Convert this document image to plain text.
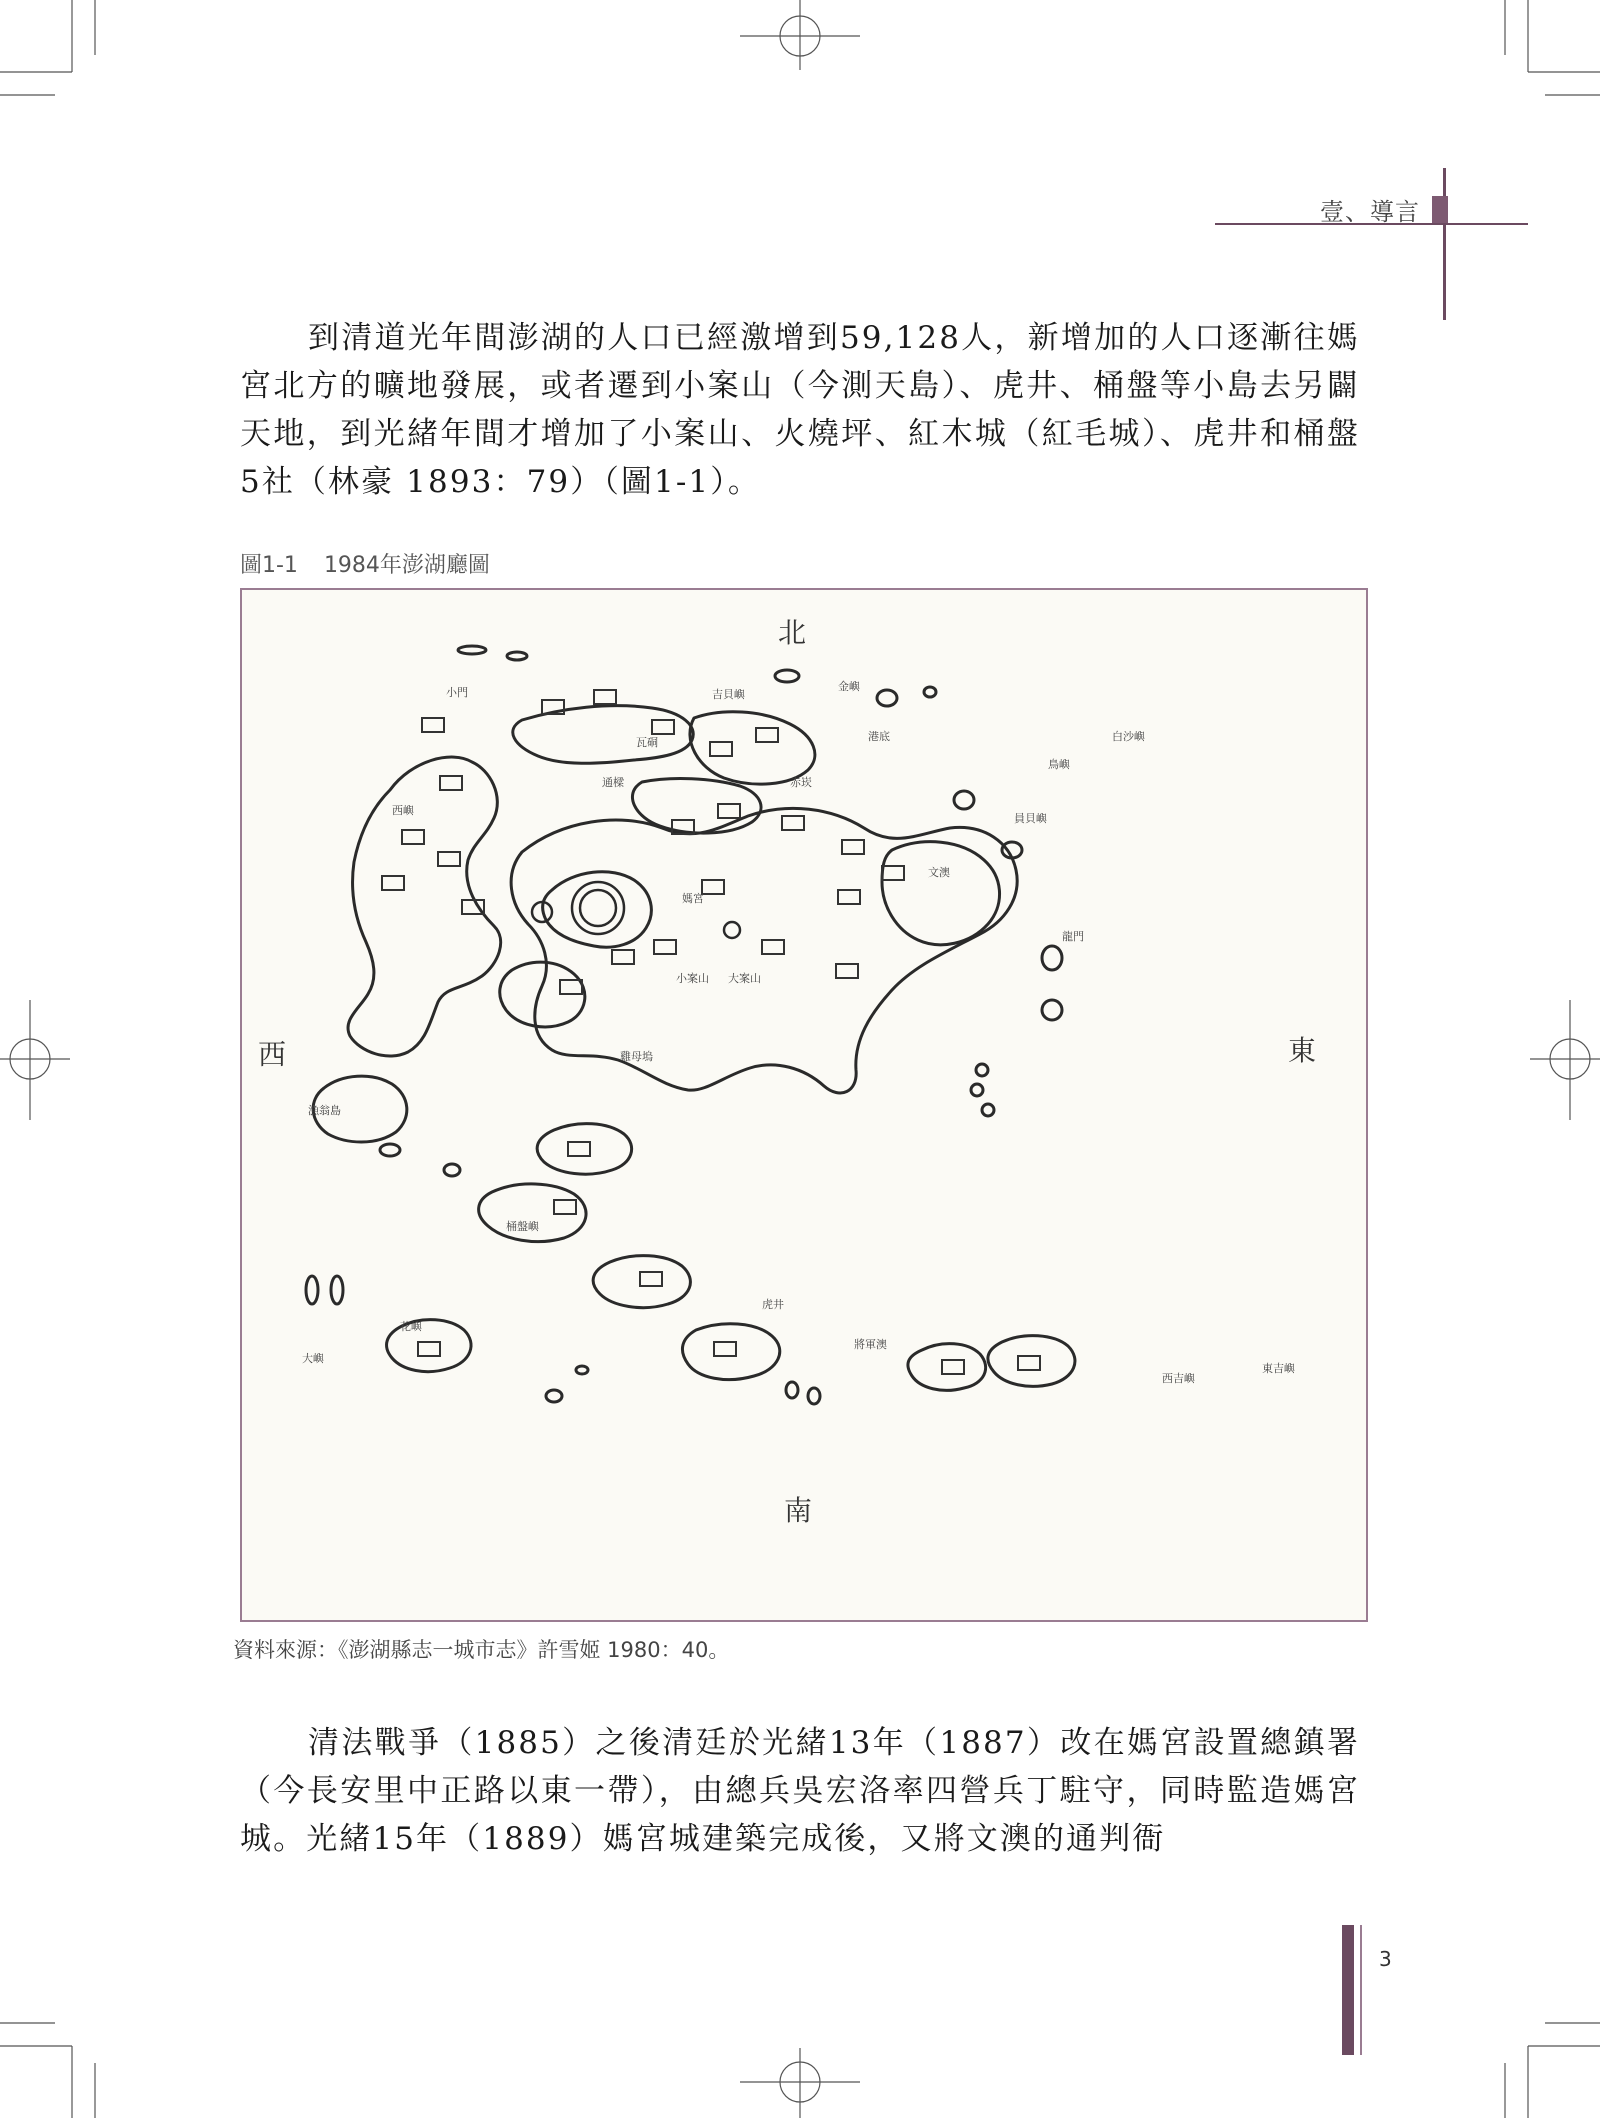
壹、導言

到清道光年間澎湖的人口已經激增到59,128人，新增加的人口逐漸往媽宮北方的曠地發展，或者遷到小案山（今測天島）、虎井、桶盤等小島去另闢天地，到光緒年間才增加了小案山、火燒坪、紅木城（紅毛城）、虎井和桶盤5社（林豪 1893：79）（圖1-1）。

圖1-1 1984年澎湖廳圖
北
南
東
西
吉貝嶼
白沙嶼
金嶼
鳥嶼
員貝嶼
虎井
桶盤嶼
將軍澳
東吉嶼
西吉嶼
花嶼
大嶼
媽宮
文澳
小案山 大案山
龍門
港底
瓦硐
通樑	赤崁
西嶼
漁翁島
雞母塢
小門
資料來源：《澎湖縣志一城市志》許雪姬 1980：40。

清法戰爭（1885）之後清廷於光緒13年（1887）改在媽宮設置總鎮署（今長安里中正路以東一帶），由總兵吳宏洛率四營兵丁駐守，同時監造媽宮城。光緒15年（1889）媽宮城建築完成後，又將文澳的通判衙

3
